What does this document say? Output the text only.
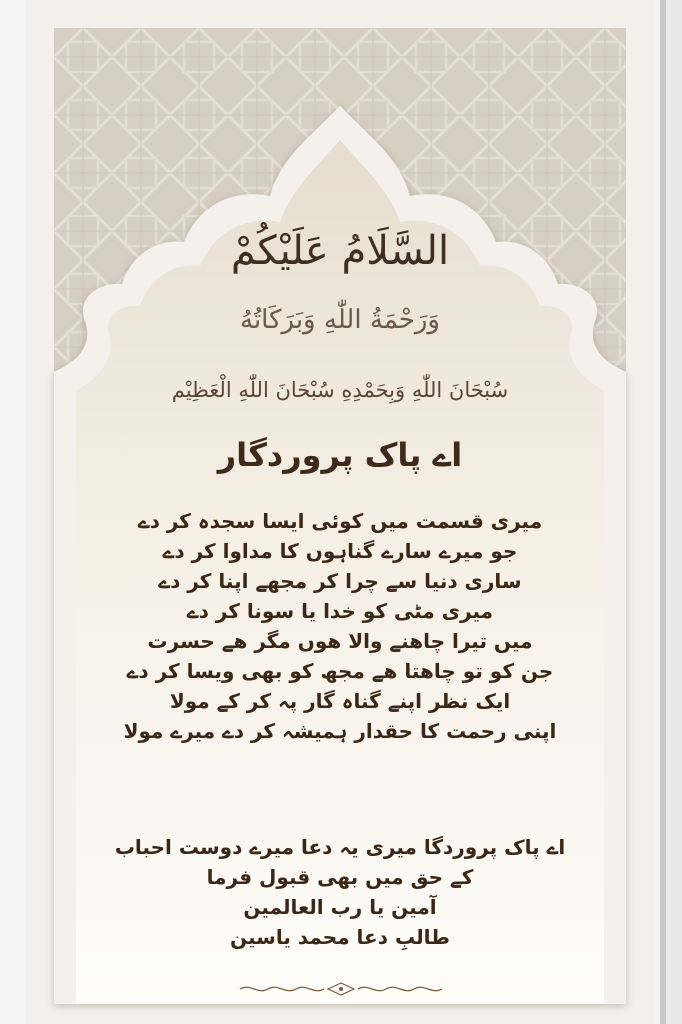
السَّلَامُ عَلَيْكُمْ
وَرَحْمَةُ اللّٰهِ وَبَرَكَاتُهُ
سُبْحَانَ اللّٰهِ وَبِحَمْدِهِ سُبْحَانَ اللّٰهِ الْعَظِيْم
اے پاک پروردگار
میری قسمت میں کوئی ایسا سجدہ کر دے
جو میرے سارے گناہوں کا مداوا کر دے
ساری دنیا سے چرا کر مجھے اپنا کر دے
میری مٹی کو خدا یا سونا کر دے
میں تیرا چاھنے والا ھوں مگر ھے حسرت
جن کو تو چاھتا ھے مجھ کو بھی ویسا کر دے
ایک نظر اپنے گناہ گار پہ کر کے مولا
اپنی رحمت کا حقدار ہمیشہ کر دے میرے مولا
اے پاک پروردگا میری یہ دعا میرے دوست احباب
کے حق میں بھی قبول فرما
آمین یا رب العالمین
طالبِ دعا محمد یاسین
